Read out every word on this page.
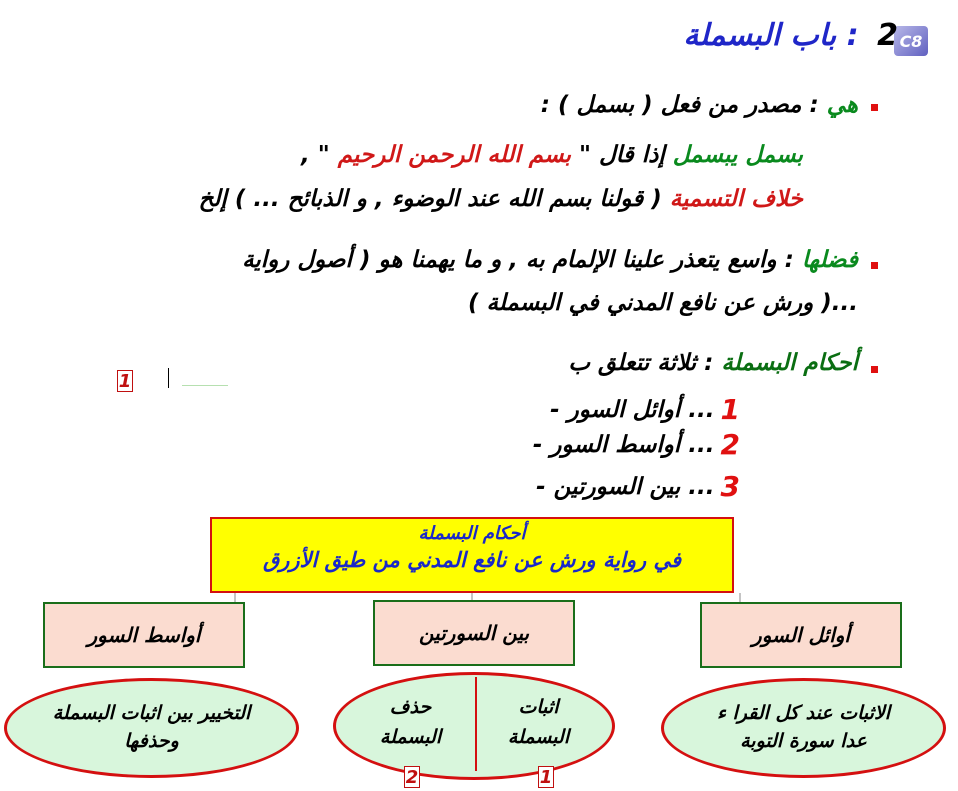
C8
2 : باب البسملة
هي : مصدر من فعل ( بسمل ) :
بسمل يبسمل إذا قال " بسم الله الرحمن الرحيم " ,
خلاف التسمية ( قولنا بسم الله عند الوضوء , و الذبائح ... ) إلخ
فضلها : واسع يتعذر علينا الإلمام به , و ما يهمنا هو ( أصول رواية
...( ورش عن نافع المدني في البسملة )
أحكام البسملة : ثلاثة تتعلق ب
1
1
... أوائل السور -
2
... أواسط السور -
3
... بين السورتين -
أحكام البسملة
في رواية ورش عن نافع المدني من طيق الأزرق
أواسط السور	بين السورتين	أوائل السور
التخيير بين اثبات البسملة
وحذفها
اثبات
البسملة
حذف
البسملة
الاثبات عند كل القرا ء
عدا سورة التوبة
2	1
